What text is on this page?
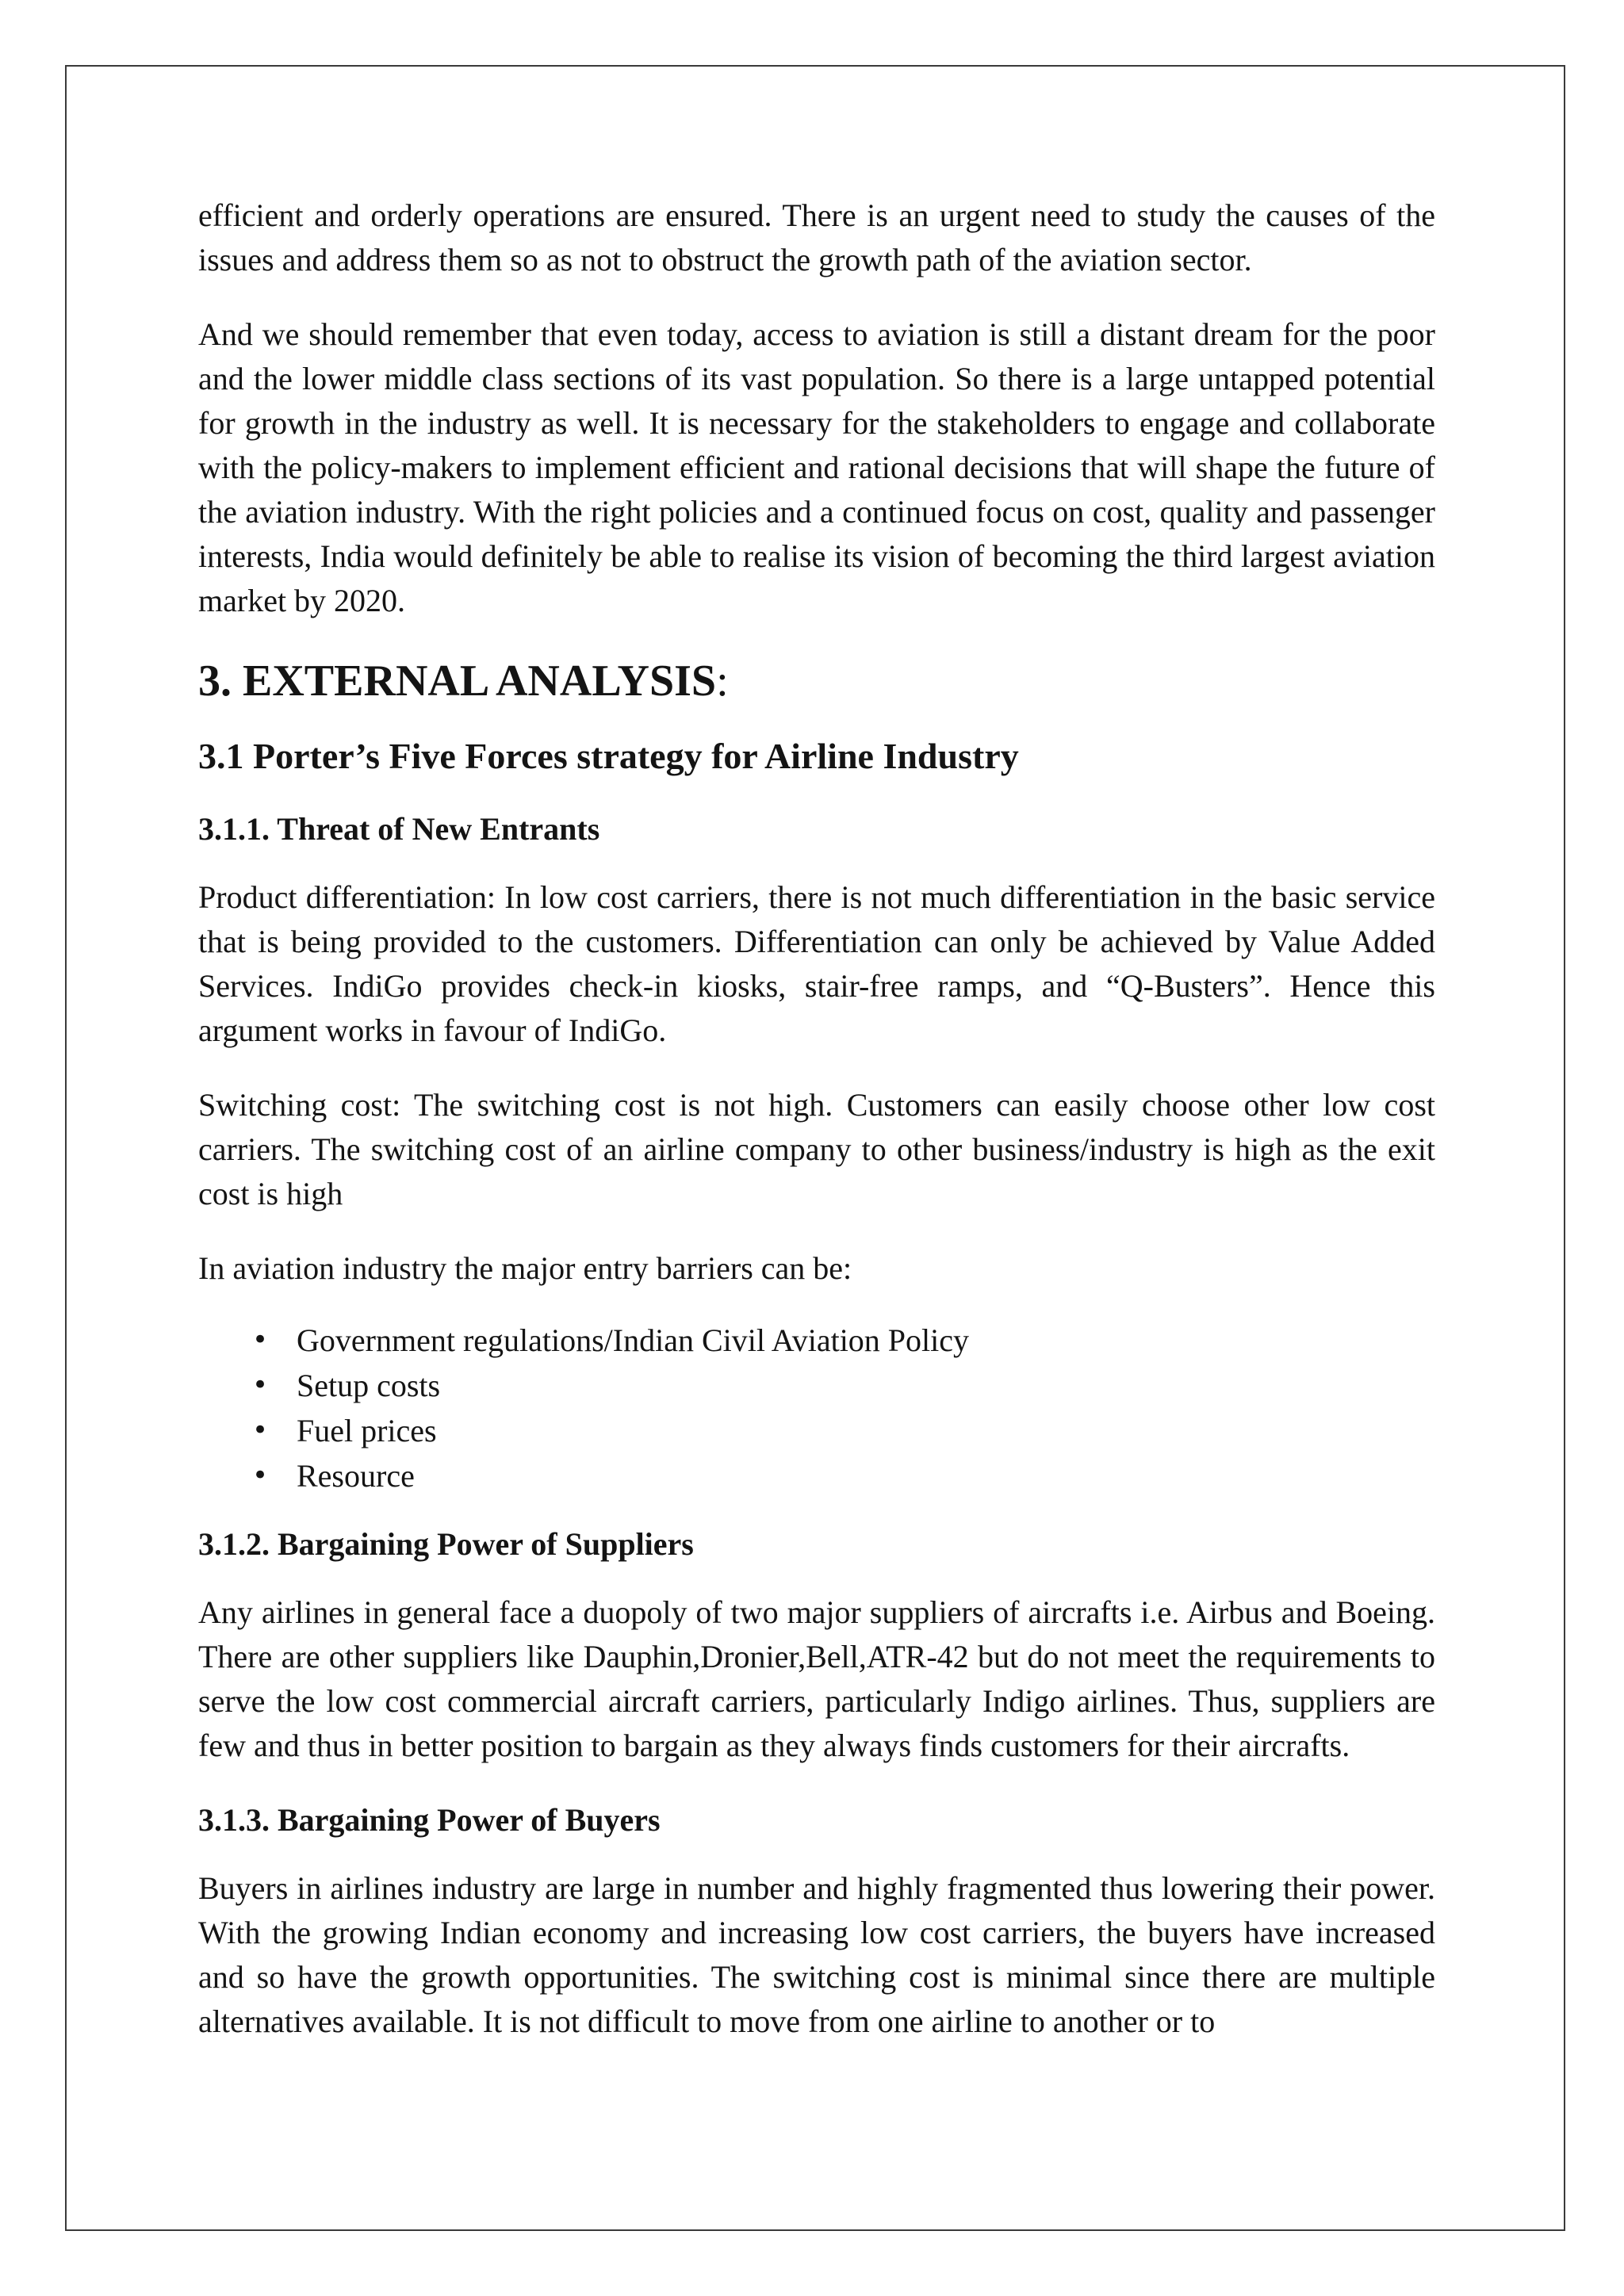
efficient and orderly operations are ensured. There is an urgent need to study the causes of the issues and address them so as not to obstruct the growth path of the aviation sector.

And we should remember that even today, access to aviation is still a distant dream for the poor and the lower middle class sections of its vast population. So there is a large untapped potential for growth in the industry as well. It is necessary for the stakeholders to engage and collaborate with the policy-makers to implement efficient and rational decisions that will shape the future of the aviation industry. With the right policies and a continued focus on cost, quality and passenger interests, India would definitely be able to realise its vision of becoming the third largest aviation market by 2020.

3. EXTERNAL ANALYSIS:
3.1 Porter’s Five Forces strategy for Airline Industry
3.1.1. Threat of New Entrants

Product differentiation: In low cost carriers, there is not much differentiation in the basic service that is being provided to the customers. Differentiation can only be achieved by Value Added Services. IndiGo provides check-in kiosks, stair-free ramps, and “Q-Busters”. Hence this argument works in favour of IndiGo.

Switching cost: The switching cost is not high. Customers can easily choose other low cost carriers. The switching cost of an airline company to other business/industry is high as the exit cost is high

In aviation industry the major entry barriers can be:

• Government regulations/Indian Civil Aviation Policy
• Setup costs
• Fuel prices
• Resource
3.1.2. Bargaining Power of Suppliers

Any airlines in general face a duopoly of two major suppliers of aircrafts i.e. Airbus and Boeing. There are other suppliers like Dauphin,Dronier,Bell,ATR-42 but do not meet the requirements to serve the low cost commercial aircraft carriers, particularly Indigo airlines. Thus, suppliers are few and thus in better position to bargain as they always finds customers for their aircrafts.

3.1.3. Bargaining Power of Buyers

Buyers in airlines industry are large in number and highly fragmented thus lowering their power. With the growing Indian economy and increasing low cost carriers, the buyers have increased and so have the growth opportunities. The switching cost is minimal since there are multiple alternatives available. It is not difficult to move from one airline to another or to
